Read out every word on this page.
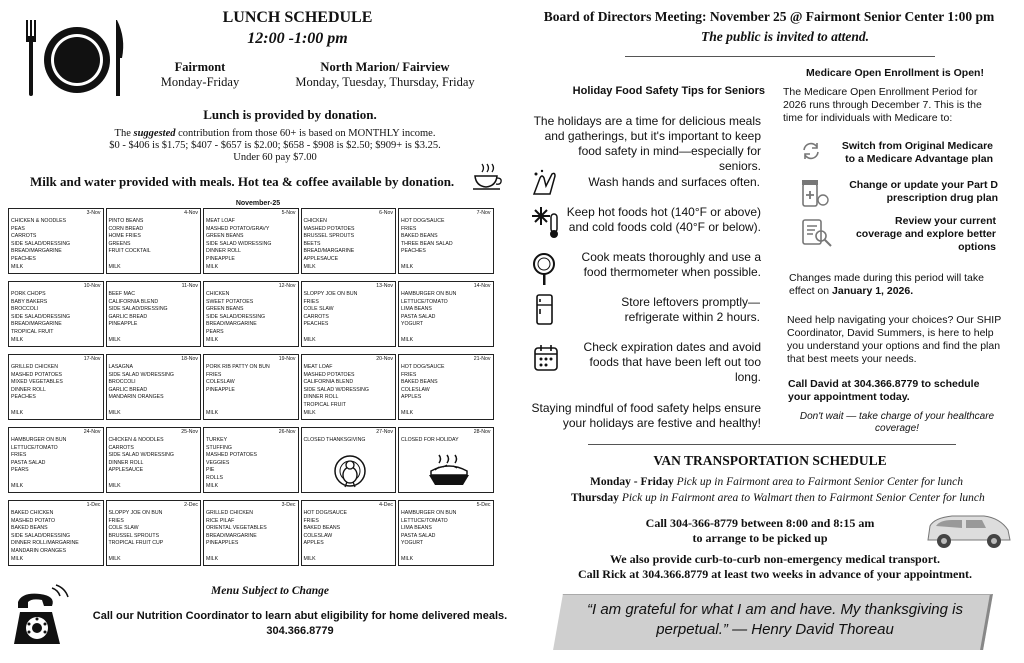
LUNCH SCHEDULE
12:00 -1:00 pm
Fairmont
Monday-Friday
North Marion/ Fairview
Monday, Tuesday, Thursday, Friday
Lunch is provided by donation.
The suggested contribution from those 60+ is based on MONTHLY income.
$0 - $406 is $1.75; $407 - $657 is $2.00; $658 - $908 is $2.50; $909+ is $3.25.
Under 60 pay $7.00
Milk and water provided with meals. Hot tea & coffee available by donation.
November-25
3-Nov
CHICKEN & NOODLES
PEAS
CARROTS
SIDE SALAD/DRESSING
BREAD/MARGARINE
PEACHES
MILK
4-Nov
PINTO BEANS
CORN BREAD
HOME FRIES
GREENS
FRUIT COCKTAIL
MILK
5-Nov
MEAT LOAF
MASHED POTATO/GRAVY
GREEN BEANS
SIDE SALAD W/DRESSING
DINNER ROLL
PINEAPPLE
MILK
6-Nov
CHICKEN
MASHED POTATOES
BRUSSEL SPROUTS
BEETS
BREAD/MARGARINE
APPLESAUCE
MILK
7-Nov
HOT DOG/SAUCE
FRIES
BAKED BEANS
THREE BEAN SALAD
PEACHES
MILK
10-Nov
PORK CHOPS
BABY BAKERS
BROCCOLI
SIDE SALAD/DRESSING
BREAD/MARGARINE
TROPICAL FRUIT
MILK
11-Nov
BEEF MAC
CALIFORNIA BLEND
SIDE SALAD/DRESSING
GARLIC BREAD
PINEAPPLE
MILK
12-Nov
CHICKEN
SWEET POTATOES
GREEN BEANS
SIDE SALAD/DRESSING
BREAD/MARGARINE
PEARS
MILK
13-Nov
SLOPPY JOE ON BUN
FRIES
COLE SLAW
CARROTS
PEACHES
MILK
14-Nov
HAMBURGER ON BUN
LETTUCE/TOMATO
LIMA BEANS
PASTA SALAD
YOGURT
MILK
17-Nov
GRILLED CHICKEN
MASHED POTATOES
MIXED VEGETABLES
DINNER ROLL
PEACHES
MILK
18-Nov
LASAGNA
SIDE SALAD W/DRESSING
BROCCOLI
GARLIC BREAD
MANDARIN ORANGES
MILK
19-Nov
PORK RIB PATTY ON BUN
FRIES
COLESLAW
PINEAPPLE
MILK
20-Nov
MEAT LOAF
MASHED POTATOES
CALIFORNIA BLEND
SIDE SALAD W/DRESSING
DINNER ROLL
TROPICAL FRUIT
MILK
21-Nov
HOT DOG/SAUCE
FRIES
BAKED BEANS
COLESLAW
APPLES
MILK
24-Nov
HAMBURGER ON BUN
LETTUCE/TOMATO
FRIES
PASTA SALAD
PEARS
MILK
25-Nov
CHICKEN & NOODLES
CARROTS
SIDE SALAD W/DRESSING
DINNER ROLL
APPLESAUCE
MILK
26-Nov
TURKEY
STUFFING
MASHED POTATOES
VEGGIES
PIE
ROLLS
MILK
27-Nov
CLOSED THANKSGIVING
28-Nov
CLOSED FOR HOLIDAY
1-Dec
BAKED CHICKEN
MASHED POTATO
BAKED BEANS
SIDE SALAD/DRESSING
DINNER ROLL/MARGARINE
MANDARIN ORANGES
MILK
2-Dec
SLOPPY JOE ON BUN
FRIES
COLE SLAW
BRUSSEL SPROUTS
TROPICAL FRUIT CUP
MILK
3-Dec
GRILLED CHICKEN
RICE PILAF
ORIENTAL VEGETABLES
BREAD/MARGARINE
PINEAPPLES
MILK
4-Dec
HOT DOG/SAUCE
FRIES
BAKED BEANS
COLESLAW
APPLES
MILK
5-Dec
HAMBURGER ON BUN
LETTUCE/TOMATO
LIMA BEANS
PASTA SALAD
YOGURT
MILK
Menu Subject to Change
Call our Nutrition Coordinator to learn abut eligibility for home delivered meals.
304.366.8779
Board of Directors Meeting: November 25 @ Fairmont Senior Center 1:00 pm
The public is invited to attend.
Holiday Food Safety Tips for Seniors
The holidays are a time for delicious meals and gatherings, but it's important to keep food safety in mind—especially for seniors.
Wash hands and surfaces often.
Keep hot foods hot (140°F or above) and cold foods cold (40°F or below).
Cook meats thoroughly and use a food thermometer when possible.
Store leftovers promptly— refrigerate within 2 hours.
Check expiration dates and avoid foods that have been left out too long.
Staying mindful of food safety helps ensure your holidays are festive and healthy!
Medicare Open Enrollment is Open!
The Medicare Open Enrollment Period for 2026 runs through December 7. This is the time for individuals with Medicare to:
Switch from Original Medicare to a Medicare Advantage plan
Change or update your Part D prescription drug plan
Review your current coverage and explore better options
Changes made during this period will take effect on January 1, 2026.
Need help navigating your choices? Our SHIP Coordinator, David Summers, is here to help you understand your options and find the plan that best meets your needs.
Call David at 304.366.8779 to schedule your appointment today.
Don't wait — take charge of your healthcare coverage!
VAN TRANSPORTATION SCHEDULE
Monday - Friday Pick up in Fairmont area to Fairmont Senior Center for lunch
Thursday Pick up in Fairmont area to Walmart then to Fairmont Senior Center for lunch
Call 304-366-8779 between 8:00 and 8:15 am
to arrange to be picked up
We also provide curb-to-curb non-emergency medical transport.
Call Rick at 304.366.8779 at least two weeks in advance of your appointment.
“I am grateful for what I am and have. My thanksgiving is perpetual.” — Henry David Thoreau
